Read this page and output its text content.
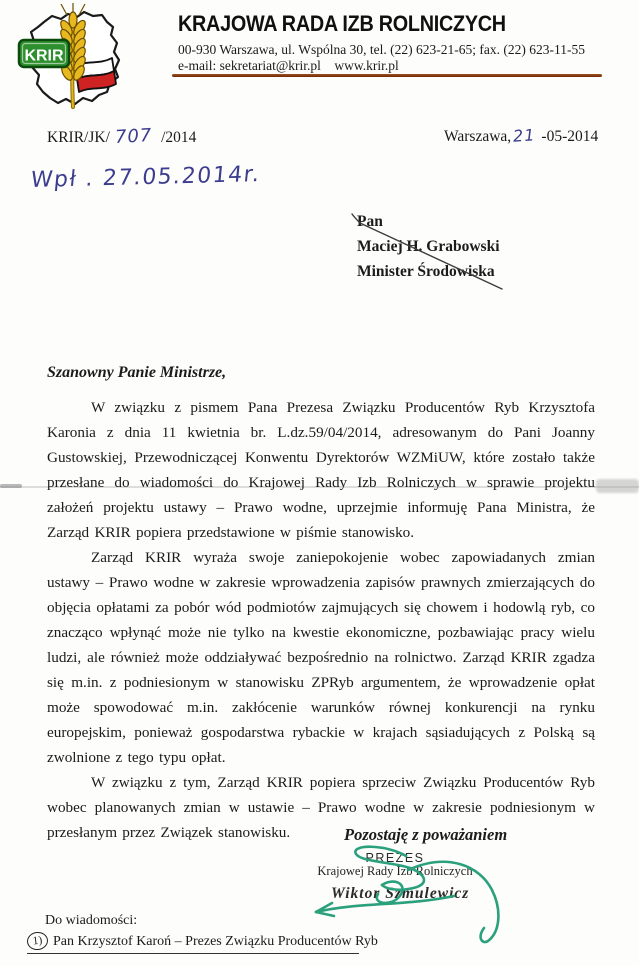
KRIR
KRAJOWA RADA IZB ROLNICZYCH
00-930 Warszawa, ul. Wspólna 30, tel. (22) 623-21-65; fax. (22) 623-11-55
e-mail: sekretariat@krir.pl    www.krir.pl
KRIR/JK/ 707 /2014	Warszawa,21 -05-2014
Wpł . 27.05.2014r.
Pan
Maciej H. Grabowski
Minister Środowiska
Szanowny Panie Ministrze,

W związku z pismem Pana Prezesa Związku Producentów Ryb Krzysztofa Karonia z dnia 11 kwietnia br. L.dz.59/04/2014, adresowanym do Pani Joanny Gustowskiej, Przewodniczącej Konwentu Dyrektorów WZMiUW, które zostało także przesłane do wiadomości do Krajowej Rady Izb Rolniczych w sprawie projektu założeń projektu ustawy – Prawo wodne, uprzejmie informuję Pana Ministra, że Zarząd KRIR popiera przedstawione w piśmie stanowisko.

Zarząd KRIR wyraża swoje zaniepokojenie wobec zapowiadanych zmian ustawy – Prawo wodne w zakresie wprowadzenia zapisów prawnych zmierzających do objęcia opłatami za pobór wód podmiotów zajmujących się chowem i hodowlą ryb, co znacząco wpłynąć może nie tylko na kwestie ekonomiczne, pozbawiając pracy wielu ludzi, ale również może oddziaływać bezpośrednio na rolnictwo. Zarząd KRIR zgadza się m.in. z podniesionym w stanowisku ZPRyb argumentem, że wprowadzenie opłat może spowodować m.in. zakłócenie warunków równej konkurencji na rynku europejskim, ponieważ gospodarstwa rybackie w krajach sąsiadujących z Polską są zwolnione z tego typu opłat.

W związku z tym, Zarząd KRIR popiera sprzeciw Związku Producentów Ryb wobec planowanych zmian w ustawie – Prawo wodne w zakresie podniesionym w przesłanym przez Związek stanowisku.	Pozostaję z poważaniem
PREZES
Krajowej Rady Izb Rolniczych
Wiktor Szmulewicz
Do wiadomości:
1) Pan Krzysztof Karoń – Prezes Związku Producentów Ryb
